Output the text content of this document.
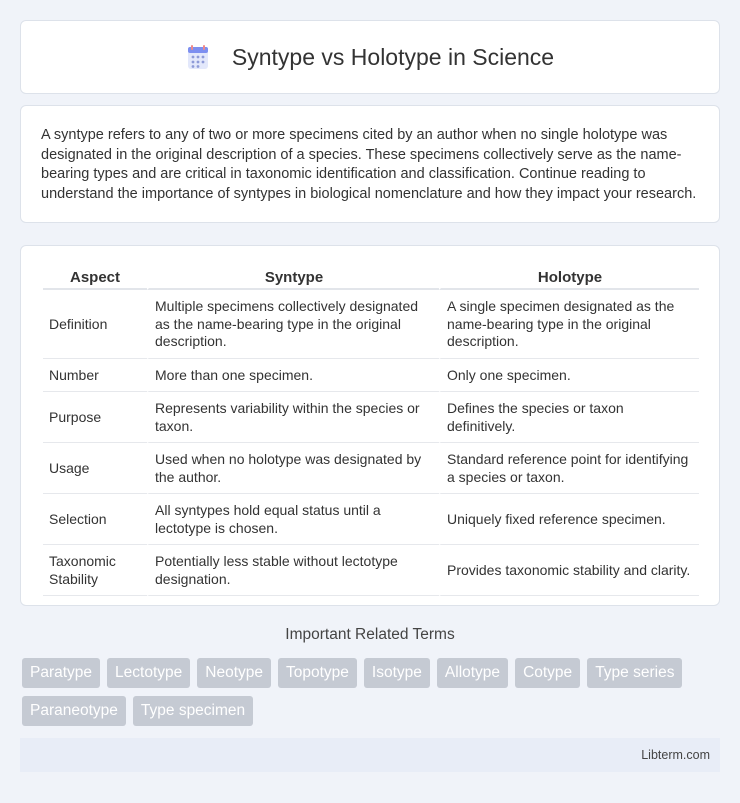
Syntype vs Holotype in Science

A syntype refers to any of two or more specimens cited by an author when no single holotype was designated in the original description of a species. These specimens collectively serve as the name-bearing types and are critical in taxonomic identification and classification. Continue reading to understand the importance of syntypes in biological nomenclature and how they impact your research.

Aspect	Syntype	Holotype
Definition	Multiple specimens collectively designated as the name-bearing type in the original description.	A single specimen designated as the name-bearing type in the original description.
Number	More than one specimen.	Only one specimen.
Purpose	Represents variability within the species or taxon.	Defines the species or taxon definitively.
Usage	Used when no holotype was designated by the author.	Standard reference point for identifying a species or taxon.
Selection	All syntypes hold equal status until a lectotype is chosen.	Uniquely fixed reference specimen.
Taxonomic Stability	Potentially less stable without lectotype designation.	Provides taxonomic stability and clarity.
Important Related Terms
Paratype	Lectotype	Neotype	Topotype	Isotype	Allotype	Cotype	Type series
Paraneotype	Type specimen
Libterm.com
